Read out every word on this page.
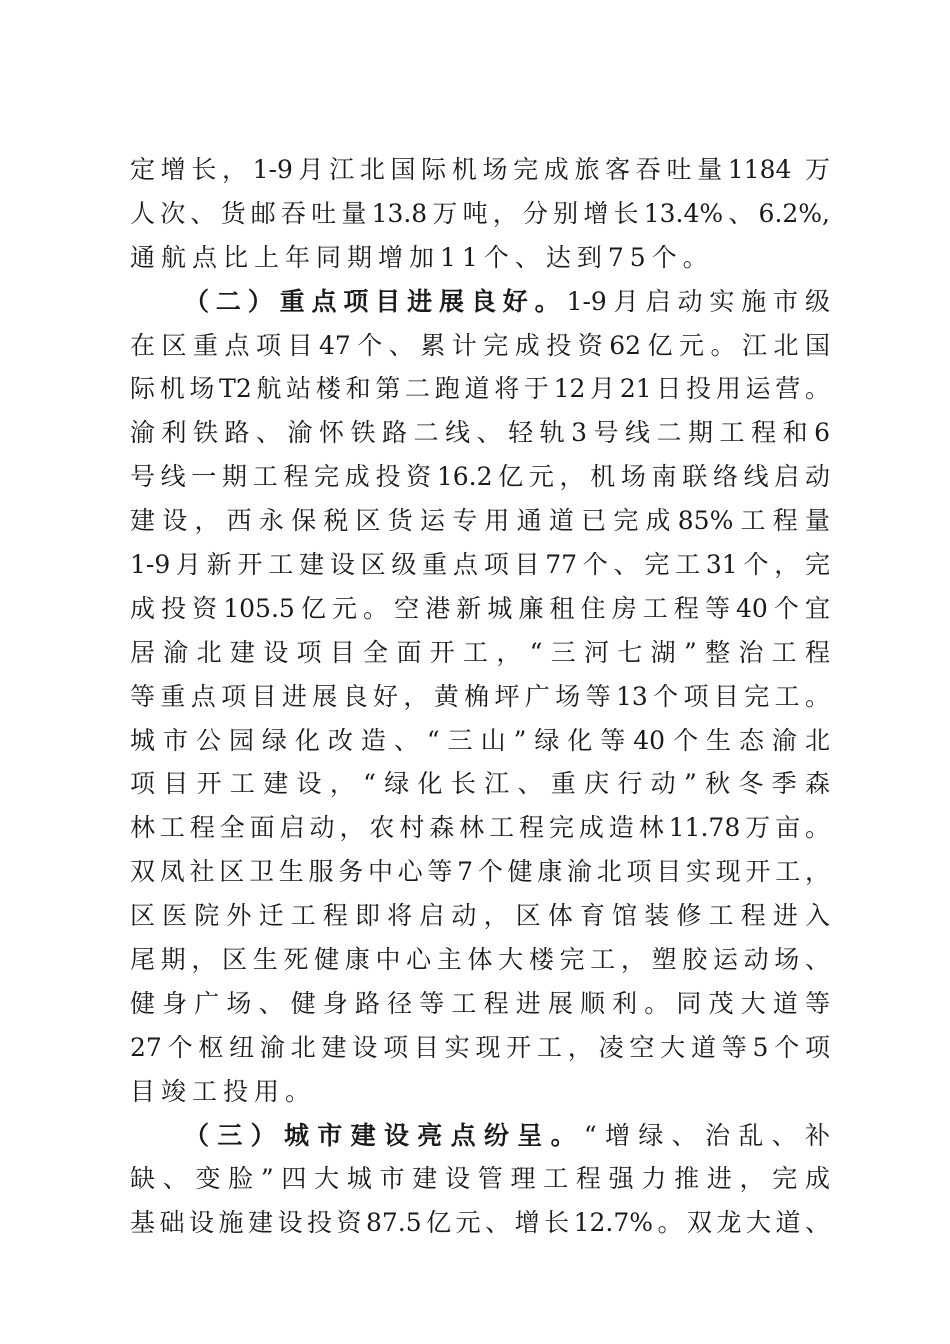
定增长，1-9月江北国际机场完成旅客吞吐量1184 万
人次、货邮吞吐量13.8万吨，分别增长13.4%、6.2%,
通航点比上年同期增加11个、达到75个。
（二）重点项目进展良好。1-9月启动实施市级
在区重点项目47个、累计完成投资62亿元。江北国
际机场T2航站楼和第二跑道将于12月21日投用运营。
渝利铁路、渝怀铁路二线、轻轨3号线二期工程和6
号线一期工程完成投资16.2亿元，机场南联络线启动
建设，西永保税区货运专用通道已完成85%工程量
1-9月新开工建设区级重点项目77个、完工31个，完
成投资105.5亿元。空港新城廉租住房工程等40个宜
居渝北建设项目全面开工，“三河七湖”整治工程
等重点项目进展良好，黄桷坪广场等13个项目完工。
城市公园绿化改造、“三山”绿化等40个生态渝北
项目开工建设，“绿化长江、重庆行动”秋冬季森
林工程全面启动，农村森林工程完成造林11.78万亩。
双凤社区卫生服务中心等7个健康渝北项目实现开工，
区医院外迁工程即将启动，区体育馆装修工程进入
尾期，区生死健康中心主体大楼完工，塑胶运动场、
健身广场、健身路径等工程进展顺利。同茂大道等
27个枢纽渝北建设项目实现开工，凌空大道等5个项
目竣工投用。
（三）城市建设亮点纷呈。“增绿、治乱、补
缺、变脸”四大城市建设管理工程强力推进，完成
基础设施建设投资87.5亿元、增长12.7%。双龙大道、
